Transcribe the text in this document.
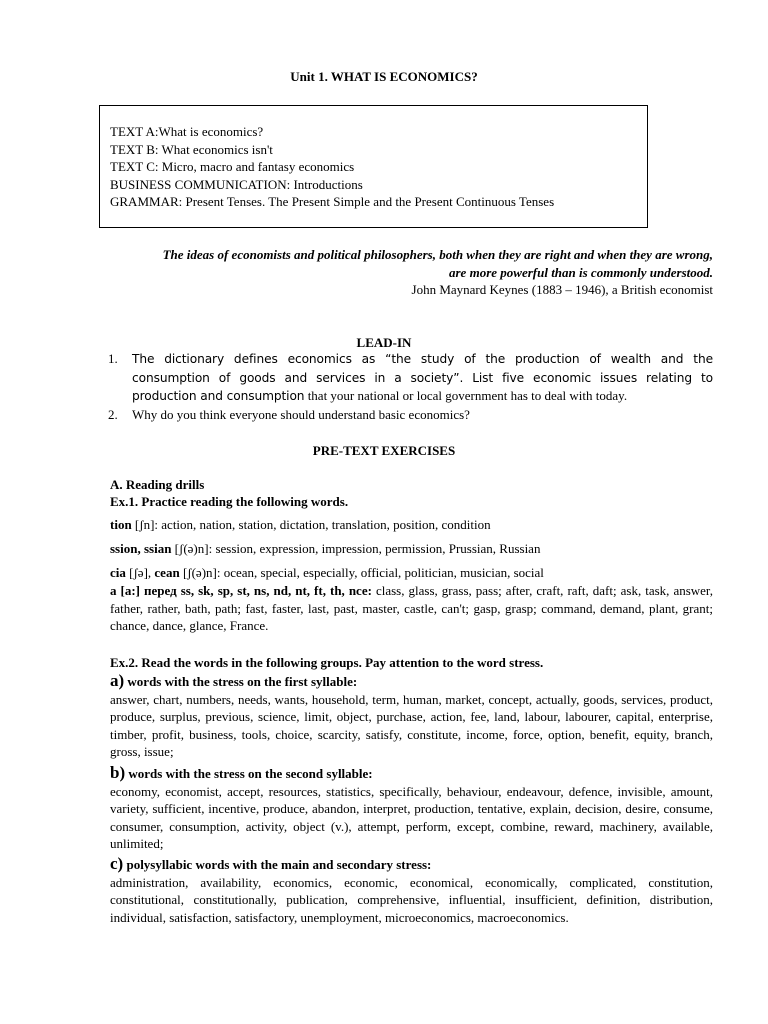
Unit 1. WHAT IS ECONOMICS?
TEXT A:What is economics?
TEXT B: What economics isn't
TEXT C: Micro, macro and fantasy economics
BUSINESS COMMUNICATION: Introductions
GRAMMAR: Present Tenses. The Present Simple and the Present Continuous Tenses
The ideas of economists and political philosophers, both when they are right and when they are wrong,
are more powerful than is commonly understood.
John Maynard Keynes (1883 – 1946), a British economist
LEAD-IN
1.	The dictionary defines economics as “the study of the production of wealth and the consumption of goods and services in a society”. List five economic issues relating to production and consumption that your national or local government has to deal with today.
2.	Why do you think everyone should understand basic economics?
PRE-TEXT EXERCISES
A. Reading drills
Ex.1. Practice reading the following words.
tion [ʃn]: action, nation, station, dictation, translation, position, condition
ssion, ssian [ʃ(ə)n]: session, expression, impression, permission, Prussian, Russian
cia [ʃə], cean [ʃ(ə)n]: ocean, special, especially, official, politician, musician, social
a [a:] перед ss, sk, sp, st, ns, nd, nt, ft, th, nce: class, glass, grass, pass; after, craft, raft, daft; ask, task, answer, father, rather, bath, path; fast, faster, last, past, master, castle, can't; gasp, grasp; command, demand, plant, grant; chance, dance, glance, France.
Ex.2. Read the words in the following groups. Pay attention to the word stress.
a) words with the stress on the first syllable:
answer, chart, numbers, needs, wants, household, term, human, market, concept, actually, goods, services, product, produce, surplus, previous, science, limit, object, purchase, action, fee, land, labour, labourer, capital, enterprise, timber, profit, business, tools, choice, scarcity, satisfy, constitute, income, force, option, benefit, equity, branch, gross, issue;
b) words with the stress on the second syllable:
economy, economist, accept, resources, statistics, specifically, behaviour, endeavour, defence, invisible, amount, variety, sufficient, incentive, produce, abandon, interpret, production, tentative, explain, decision, desire, consume, consumer, consumption, activity, object (v.), attempt, perform, except, combine, reward, machinery, available, unlimited;
c) polysyllabic words with the main and secondary stress:
administration, availability, economics, economic, economical, economically, complicated, constitution, constitutional, constitutionally, publication, comprehensive, influential, insufficient, definition, distribution, individual, satisfaction, satisfactory, unemployment, microeconomics, macroeconomics.
